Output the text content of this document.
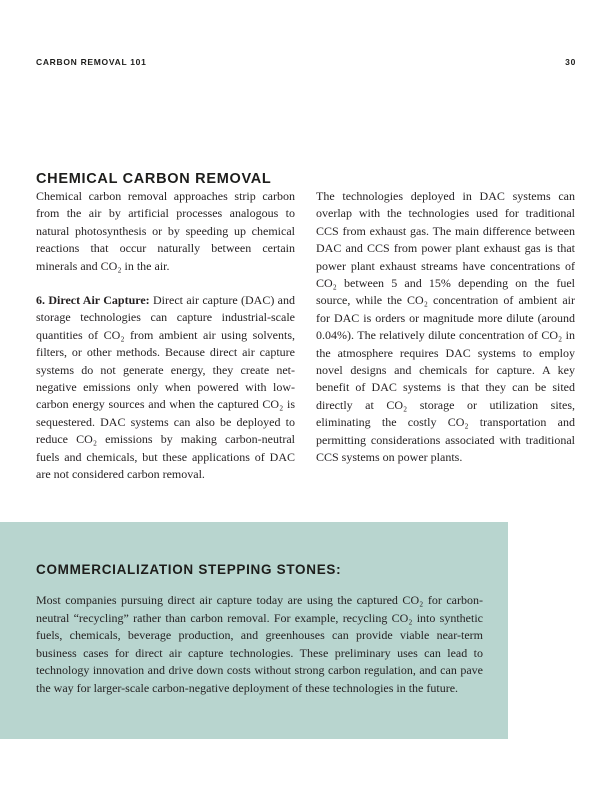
CARBON REMOVAL 101	30
CHEMICAL CARBON REMOVAL

Chemical carbon removal approaches strip carbon from the air by artificial processes analogous to natural photosynthesis or by speeding up chemical reactions that occur naturally between certain minerals and CO₂ in the air.

6. Direct Air Capture: Direct air capture (DAC) and storage technologies can capture industrial-scale quantities of CO₂ from ambient air using solvents, filters, or other methods. Because direct air capture systems do not generate energy, they create net-negative emissions only when powered with low-carbon energy sources and when the captured CO₂ is sequestered. DAC systems can also be deployed to reduce CO₂ emissions by making carbon-neutral fuels and chemicals, but these applications of DAC are not considered carbon removal.

The technologies deployed in DAC systems can overlap with the technologies used for traditional CCS from exhaust gas. The main difference between DAC and CCS from power plant exhaust gas is that power plant exhaust streams have concentrations of CO₂ between 5 and 15% depending on the fuel source, while the CO₂ concentration of ambient air for DAC is orders or magnitude more dilute (around 0.04%). The relatively dilute concentration of CO₂ in the atmosphere requires DAC systems to employ novel designs and chemicals for capture. A key benefit of DAC systems is that they can be sited directly at CO₂ storage or utilization sites, eliminating the costly CO₂ transportation and permitting considerations associated with traditional CCS systems on power plants.

COMMERCIALIZATION STEPPING STONES:
Most companies pursuing direct air capture today are using the captured CO₂ for carbon-neutral “recycling” rather than carbon removal. For example, recycling CO₂ into synthetic fuels, chemicals, beverage production, and greenhouses can provide viable near-term business cases for direct air capture technologies. These preliminary uses can lead to technology innovation and drive down costs without strong carbon regulation, and can pave the way for larger-scale carbon-negative deployment of these technologies in the future.
